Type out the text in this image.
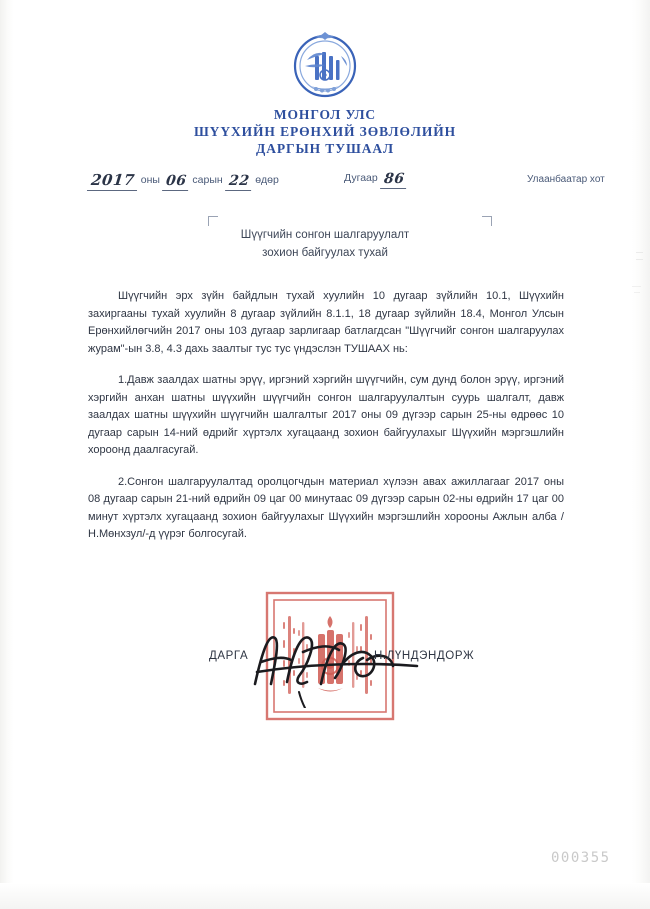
МОНГОЛ УЛС
ШҮҮХИЙН ЕРӨНХИЙ ЗӨВЛӨЛИЙН
ДАРГЫН ТУШААЛ
2017 оны 06 сарын 22 өдөр	Дугаар 86	Улаанбаатар хот
Шүүгчийн сонгон шалгаруулалт
зохион байгуулах тухай

Шүүгчийн эрх зүйн байдлын тухай хуулийн 10 дугаар зүйлийн 10.1, Шүүхийн захиргааны тухай хуулийн 8 дугаар зүйлийн 8.1.1, 18 дугаар зүйлийн 18.4, Монгол Улсын Ерөнхийлөгчийн 2017 оны 103 дугаар зарлигаар батлагдсан "Шүүгчийг сонгон шалгаруулах журам"-ын 3.8, 4.3 дахь заалтыг тус тус үндэслэн ТУШААХ нь:

1.Давж заалдах шатны эрүү, иргэний хэргийн шүүгчийн, сум дунд болон эрүү, иргэний хэргийн анхан шатны шүүхийн шүүгчийн сонгон шалгаруулалтын суурь шалгалт, давж заалдах шатны шүүхийн шүүгчийн шалгалтыг 2017 оны 09 дүгээр сарын 25-ны өдрөөс 10 дугаар сарын 14-ний өдрийг хүртэлх хугацаанд зохион байгуулахыг Шүүхийн мэргэшлийн хороонд даалгасугай.

2.Сонгон шалгаруулалтад оролцогчдын материал хүлээн авах ажиллагааг 2017 оны 08 дугаар сарын 21-ний өдрийн 09 цаг 00 минутаас 09 дүгээр сарын 02-ны өдрийн 17 цаг 00 минут хүртэлх хугацаанд зохион байгуулахыг Шүүхийн мэргэшлийн хорооны Ажлын алба /Н.Мөнхзул/-д үүрэг болгосугай.

ДАРГА	Н.ЛҮНДЭНДОРЖ
000355
